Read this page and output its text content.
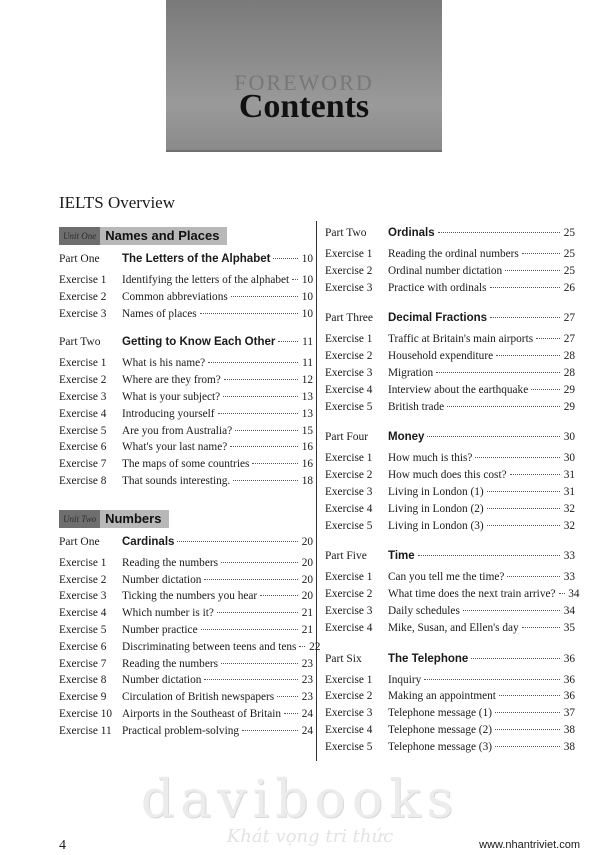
FOREWORD
Contents
IELTS Overview
Unit One Names and Places
Part One	The Letters of the Alphabet	10
Exercise 1	Identifying the letters of the alphabet 10
Exercise 2	Common abbreviations	10
Exercise 3	Names of places	10
Part Two	Getting to Know Each Other 11
Exercise 1	What is his name?	11
Exercise 2	Where are they from?	12
Exercise 3	What is your subject?	13
Exercise 4	Introducing yourself	13
Exercise 5	Are you from Australia?	15
Exercise 6	What's your last name?	16
Exercise 7	The maps of some countries	16
Exercise 8	That sounds interesting.	18
Unit Two Numbers
Part One	Cardinals	20
Exercise 1	Reading the numbers	20
Exercise 2	Number dictation	20
Exercise 3	Ticking the numbers you hear	20
Exercise 4	Which number is it?	21
Exercise 5	Number practice	21
Exercise 6	Discriminating between teens and tens 22
Exercise 7	Reading the numbers	23
Exercise 8	Number dictation	23
Exercise 9	Circulation of British newspapers 23
Exercise 10 Airports in the Southeast of Britain 24
Exercise 11 Practical problem-solving	24
Part Two	Ordinals	25
Exercise 1	Reading the ordinal numbers	25
Exercise 2	Ordinal number dictation	25
Exercise 3	Practice with ordinals	26
Part Three	Decimal Fractions	27
Exercise 1	Traffic at Britain's main airports	27
Exercise 2	Household expenditure	28
Exercise 3	Migration	28
Exercise 4	Interview about the earthquake	29
Exercise 5	British trade	29
Part Four	Money	30
Exercise 1	How much is this?	30
Exercise 2	How much does this cost?	31
Exercise 3	Living in London (1)	31
Exercise 4	Living in London (2)	32
Exercise 5	Living in London (3)	32
Part Five	Time	33
Exercise 1	Can you tell me the time?	33
Exercise 2	What time does the next train arrive? 34
Exercise 3	Daily schedules	34
Exercise 4	Mike, Susan, and Ellen's day	35
Part Six	The Telephone	36
Exercise 1	Inquiry	36
Exercise 2	Making an appointment	36
Exercise 3	Telephone message (1)	37
Exercise 4	Telephone message (2)	38
Exercise 5	Telephone message (3)	38
davibooks
Khát vọng tri thức
4	www.nhantriviet.com
